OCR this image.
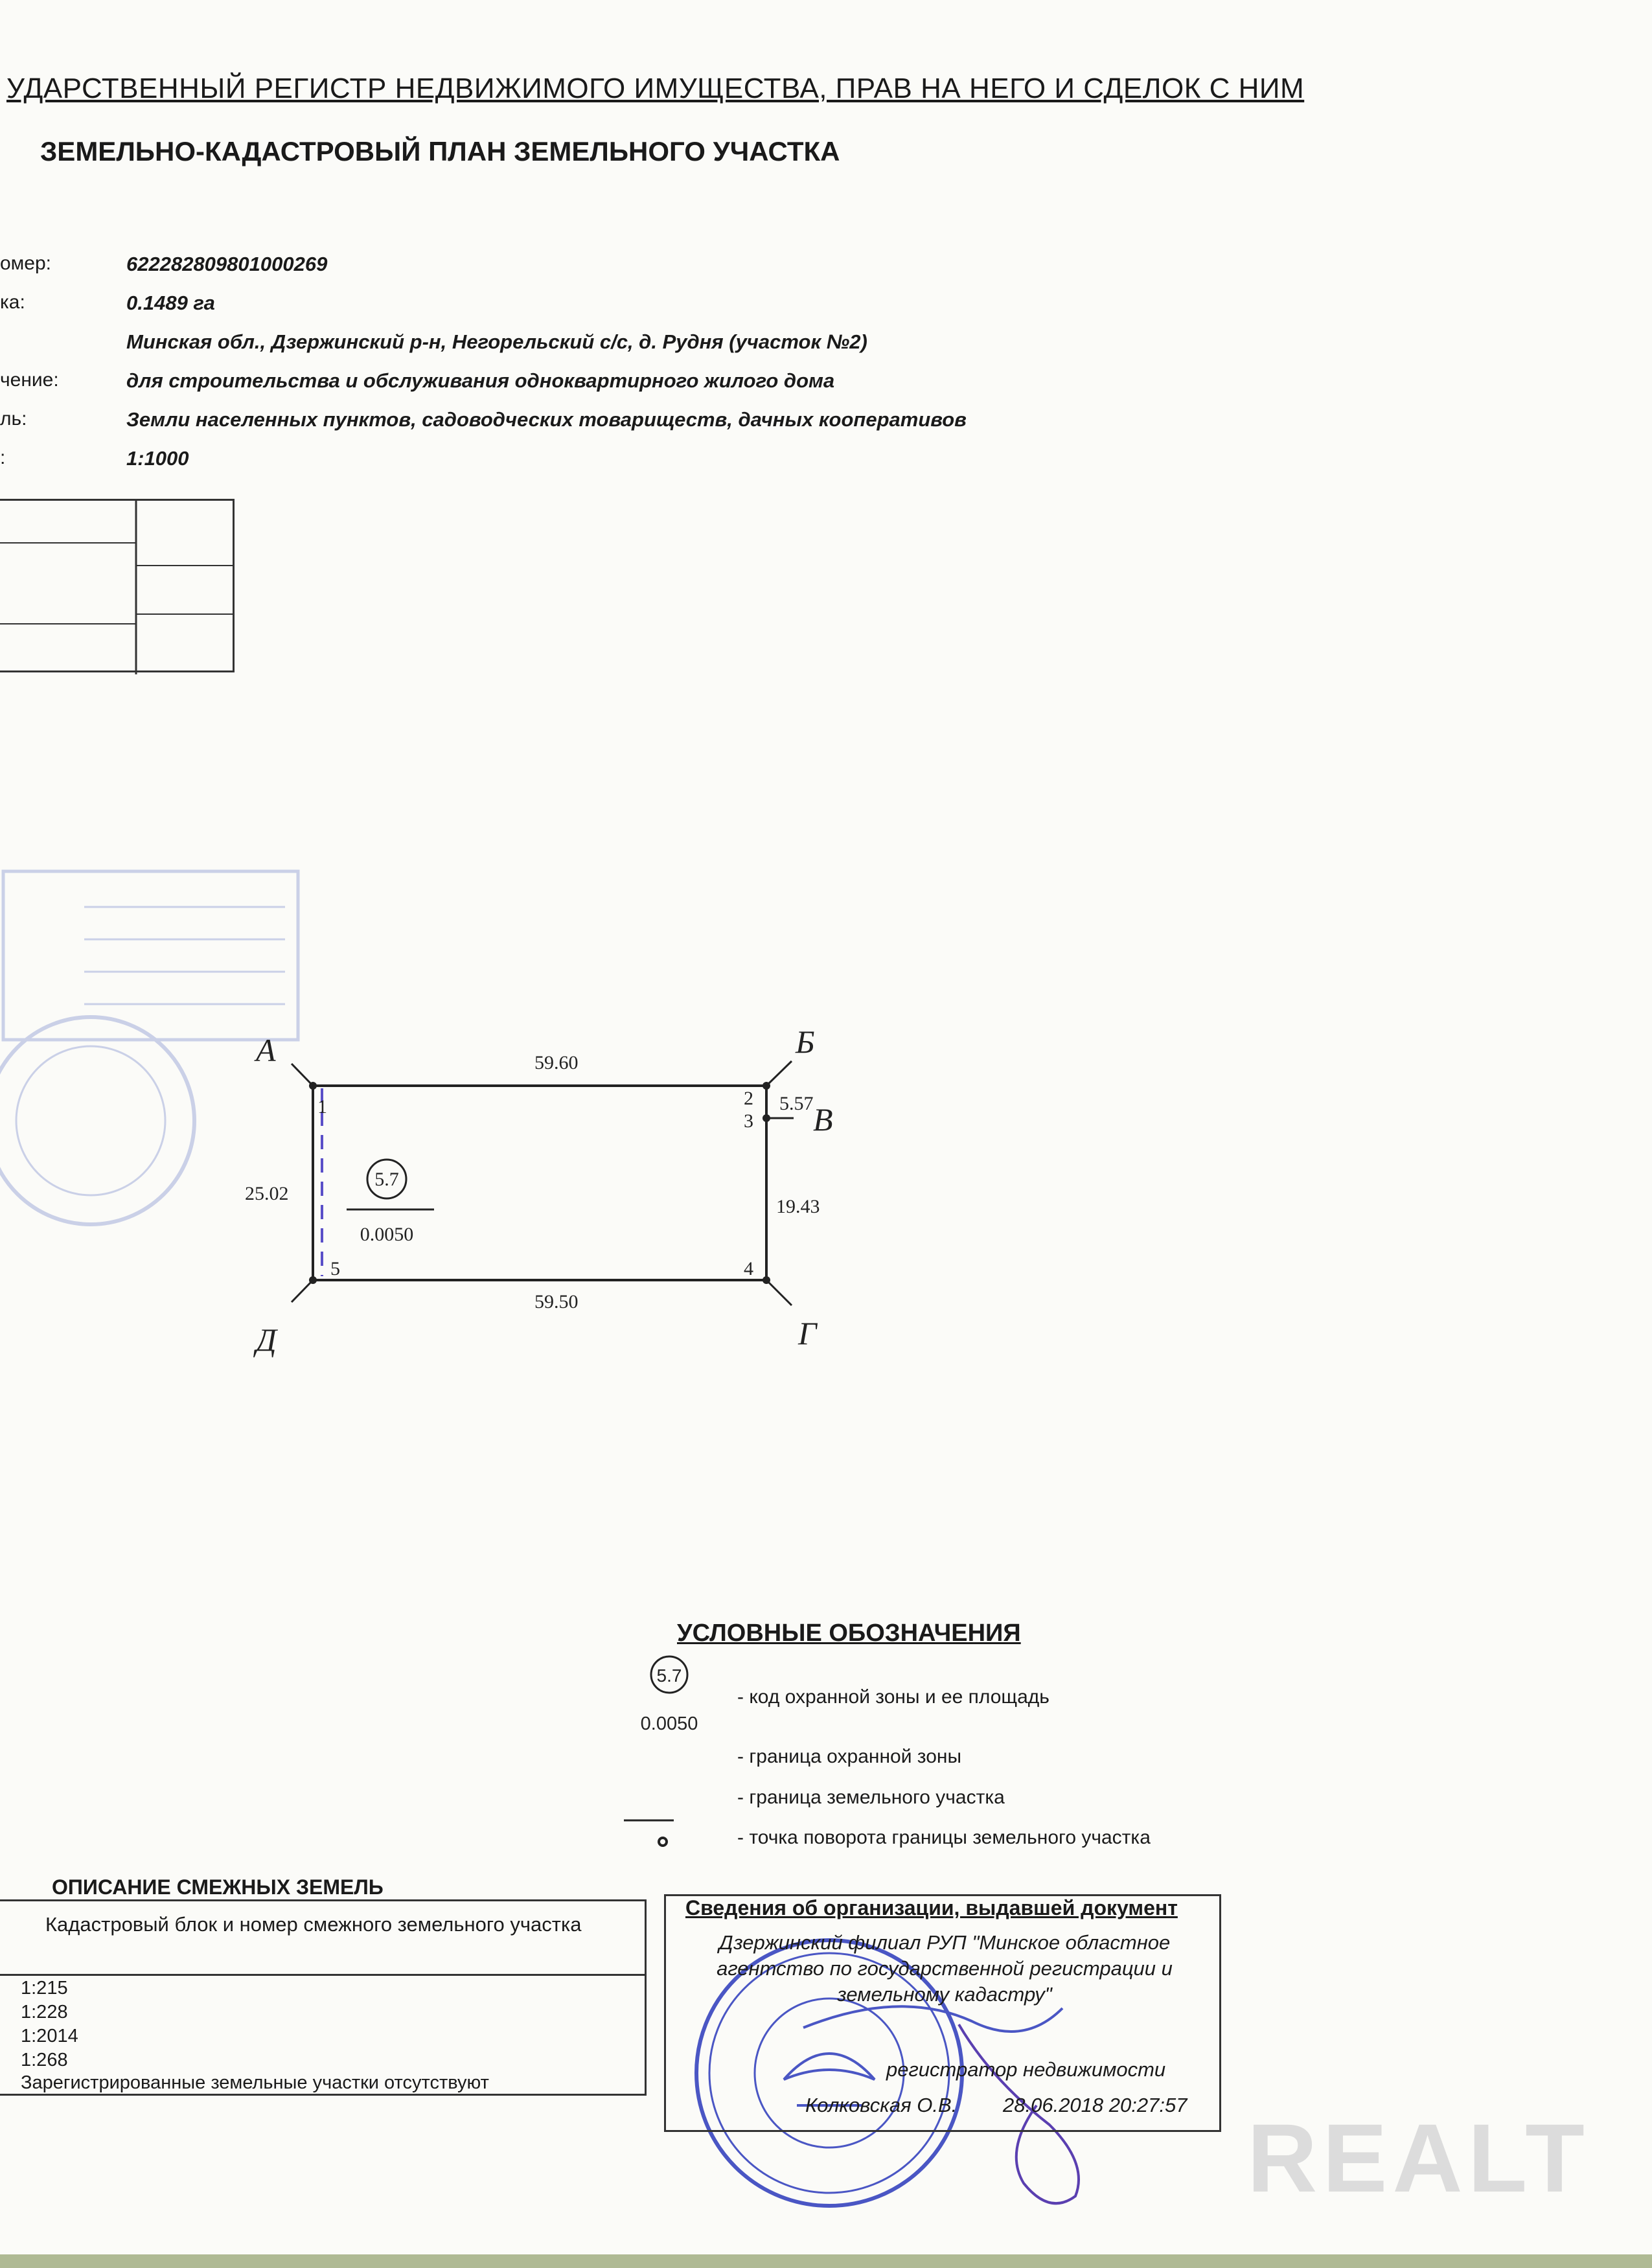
УДАРСТВЕННЫЙ РЕГИСТР НЕДВИЖИМОГО ИМУЩЕСТВА, ПРАВ НА НЕГО И СДЕЛОК С НИМ
ЗЕМЕЛЬНО-КАДАСТРОВЫЙ ПЛАН ЗЕМЕЛЬНОГО УЧАСТКА
омер:	622282809801000269
ка:	0.1489 га
Минская обл., Дзержинский р-н, Негорельский с/с, д. Рудня (участок №2)
чение:	для строительства и обслуживания одноквартирного жилого дома
ль:	Земли населенных пунктов, садоводческих товариществ, дачных кооперативов
:	1:1000
А	Б
В
Г
Д
1	2
3
4
5
59.60
5.57
19.43
59.50
25.02
5.7
0.0050
УСЛОВНЫЕ ОБОЗНАЧЕНИЯ
5.7
0.0050
- код охранной зоны и ее площадь
- граница охранной зоны
- граница земельного участка
- точка поворота границы земельного участка
ОПИСАНИЕ СМЕЖНЫХ ЗЕМЕЛЬ
Кадастровый блок и номер смежного земельного участка
1:215
1:228
1:2014
1:268
Зарегистрированные земельные участки отсутствуют
Сведения об организации, выдавшей документ
Дзержинский филиал РУП "Минское областное агентство по государственной регистрации и земельному кадастру"
регистратор недвижимости
Колковская О.В. 28.06.2018 20:27:57 REALT
